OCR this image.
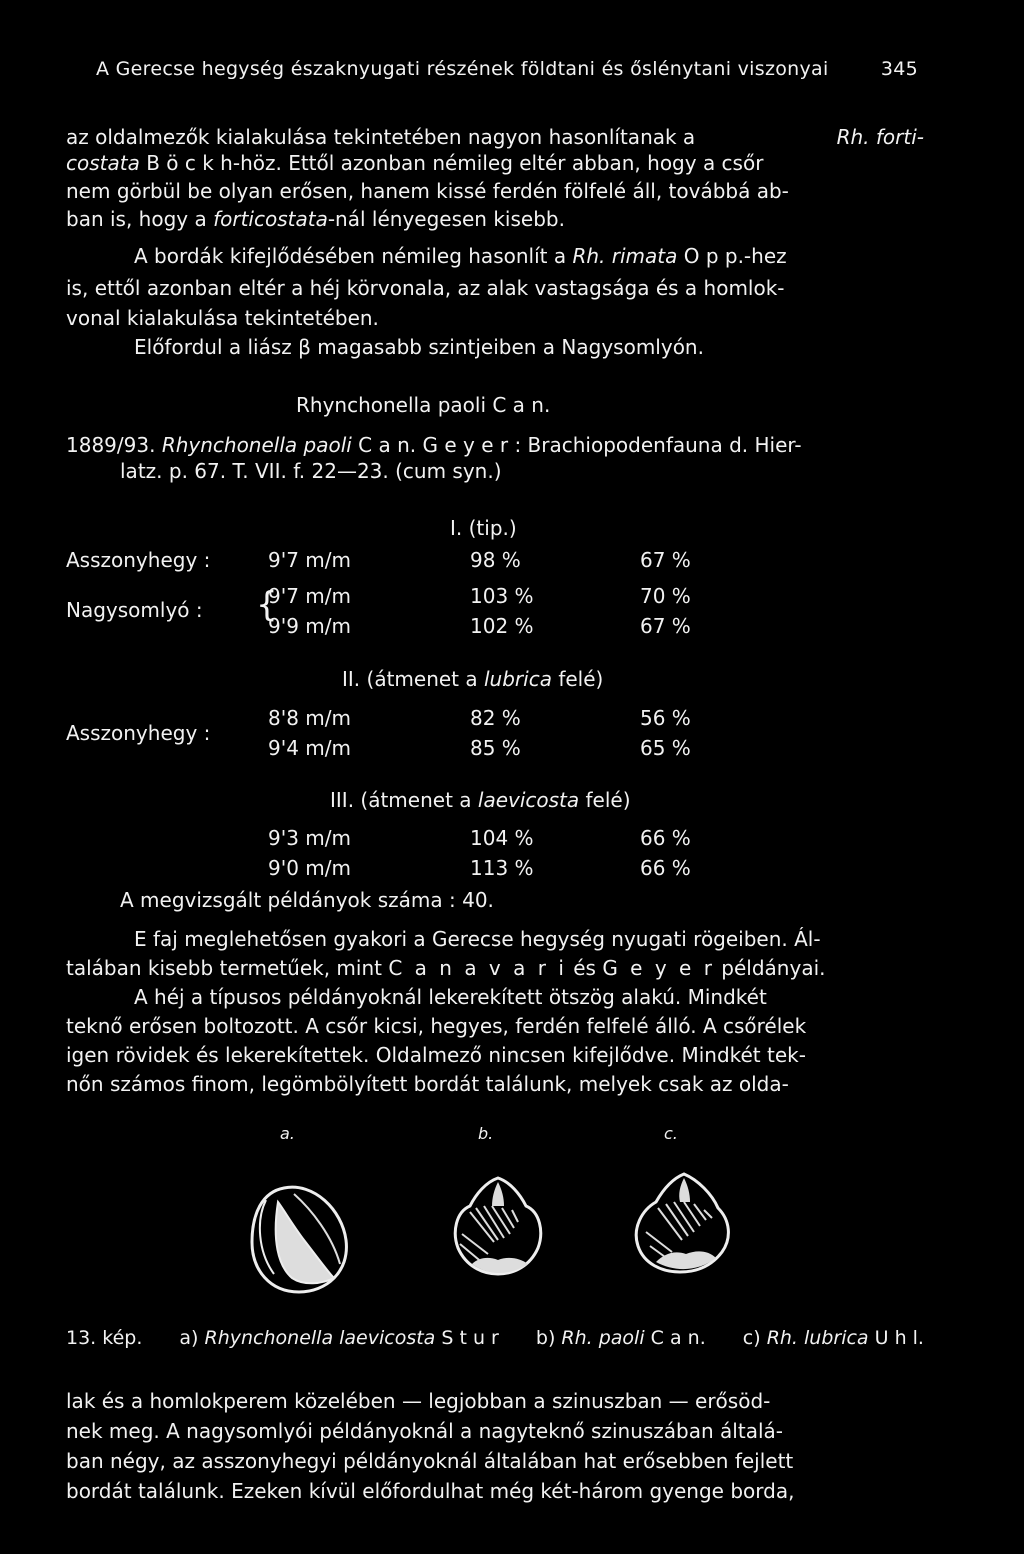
A Gerecse hegység északnyugati részének földtani és őslénytani viszonyai	345
az oldalmezők kialakulása tekintetében nagyon hasonlítanak a	Rh. forti-
costata B ö c k h-höz. Ettől azonban némileg eltér abban, hogy a csőr
nem görbül be olyan erősen, hanem kissé ferdén fölfelé áll, továbbá ab-
ban is, hogy a forticostata-nál lényegesen kisebb.
A bordák kifejlődésében némileg hasonlít a Rh. rimata O p p.-hez
is, ettől azonban eltér a héj körvonala, az alak vastagsága és a homlok-
vonal kialakulása tekintetében.
Előfordul a liász β magasabb szintjeiben a Nagysomlyón.
Rhynchonella paoli C a n.
1889/93. Rhynchonella paoli C a n. G e y e r : Brachiopodenfauna d. Hier-
latz. p. 67. T. VII. f. 22—23. (cum syn.)
I. (tip.)
Asszonyhegy :	9'7 m/m	98 %	67 %
Nagysomlyó : {
9'7 m/m	103 %	70 %
9'9 m/m	102 %	67 %
II. (átmenet a lubrica felé)
Asszonyhegy :
8'8 m/m	82 %	56 %
9'4 m/m	85 %	65 %
III. (átmenet a laevicosta felé)
9'3 m/m	104 %	66 %
9'0 m/m	113 %	66 %
A megvizsgált példányok száma : 40.
E faj meglehetősen gyakori a Gerecse hegység nyugati rögeiben. Ál-
talában kisebb termetűek, mint C a n a v a r i és G e y e r példányai.
A héj a típusos példányoknál lekerekített ötszög alakú. Mindkét
teknő erősen boltozott. A csőr kicsi, hegyes, ferdén felfelé álló. A csőrélek
igen rövidek és lekerekítettek. Oldalmező nincsen kifejlődve. Mindkét tek-
nőn számos finom, legömbölyített bordát találunk, melyek csak az olda-
a.	b.	c.
13. kép. a) Rhynchonella laevicosta S t u r b) Rh. paoli C a n. c) Rh. lubrica U h l.
lak és a homlokperem közelében — legjobban a szinuszban — erősöd-
nek meg. A nagysomlyói példányoknál a nagyteknő szinuszában általá-
ban négy, az asszonyhegyi példányoknál általában hat erősebben fejlett
bordát találunk. Ezeken kívül előfordulhat még két-három gyenge borda,
